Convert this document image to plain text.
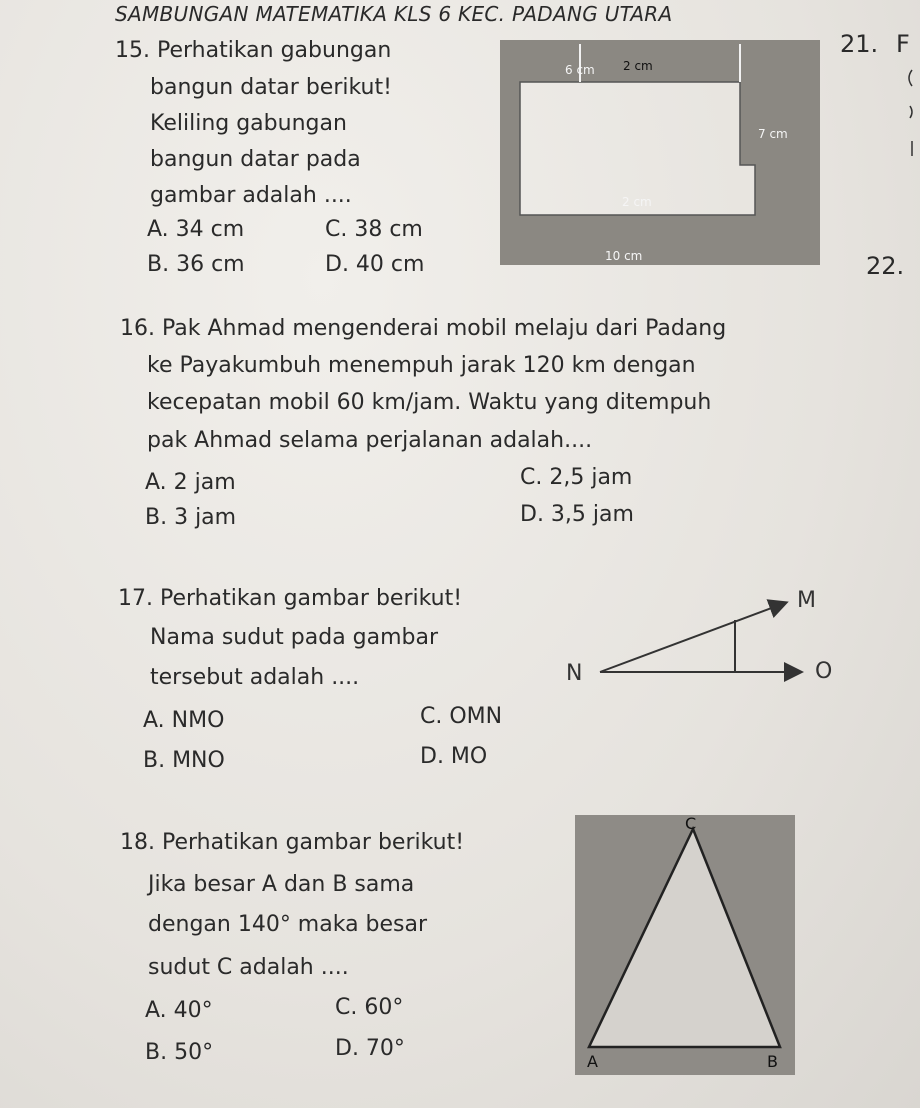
SAMBUNGAN MATEMATIKA KLS 6 KEC. PADANG UTARA
21. F
22.
15. Perhatikan gabungan
bangun datar berikut!
Keliling gabungan
bangun datar pada
gambar adalah ....
A. 34 cm	C. 38 cm
B. 36 cm	D. 40 cm
6 cm 2 cm
7 cm
2 cm
10 cm
16. Pak Ahmad mengenderai mobil melaju dari Padang
ke Payakumbuh menempuh jarak 120 km dengan
kecepatan mobil 60 km/jam. Waktu yang ditempuh
pak Ahmad selama perjalanan adalah....
A. 2 jam	C. 2,5 jam
B. 3 jam	D. 3,5 jam
17. Perhatikan gambar berikut!
Nama sudut pada gambar
tersebut adalah ....
A. NMO	C. OMN
B. MNO	D. MO
M
N	O
18. Perhatikan gambar berikut!
Jika besar A dan B sama
dengan 140° maka besar
sudut C adalah ....
A. 40°	C. 60°
B. 50°	D. 70°
C
A	B
